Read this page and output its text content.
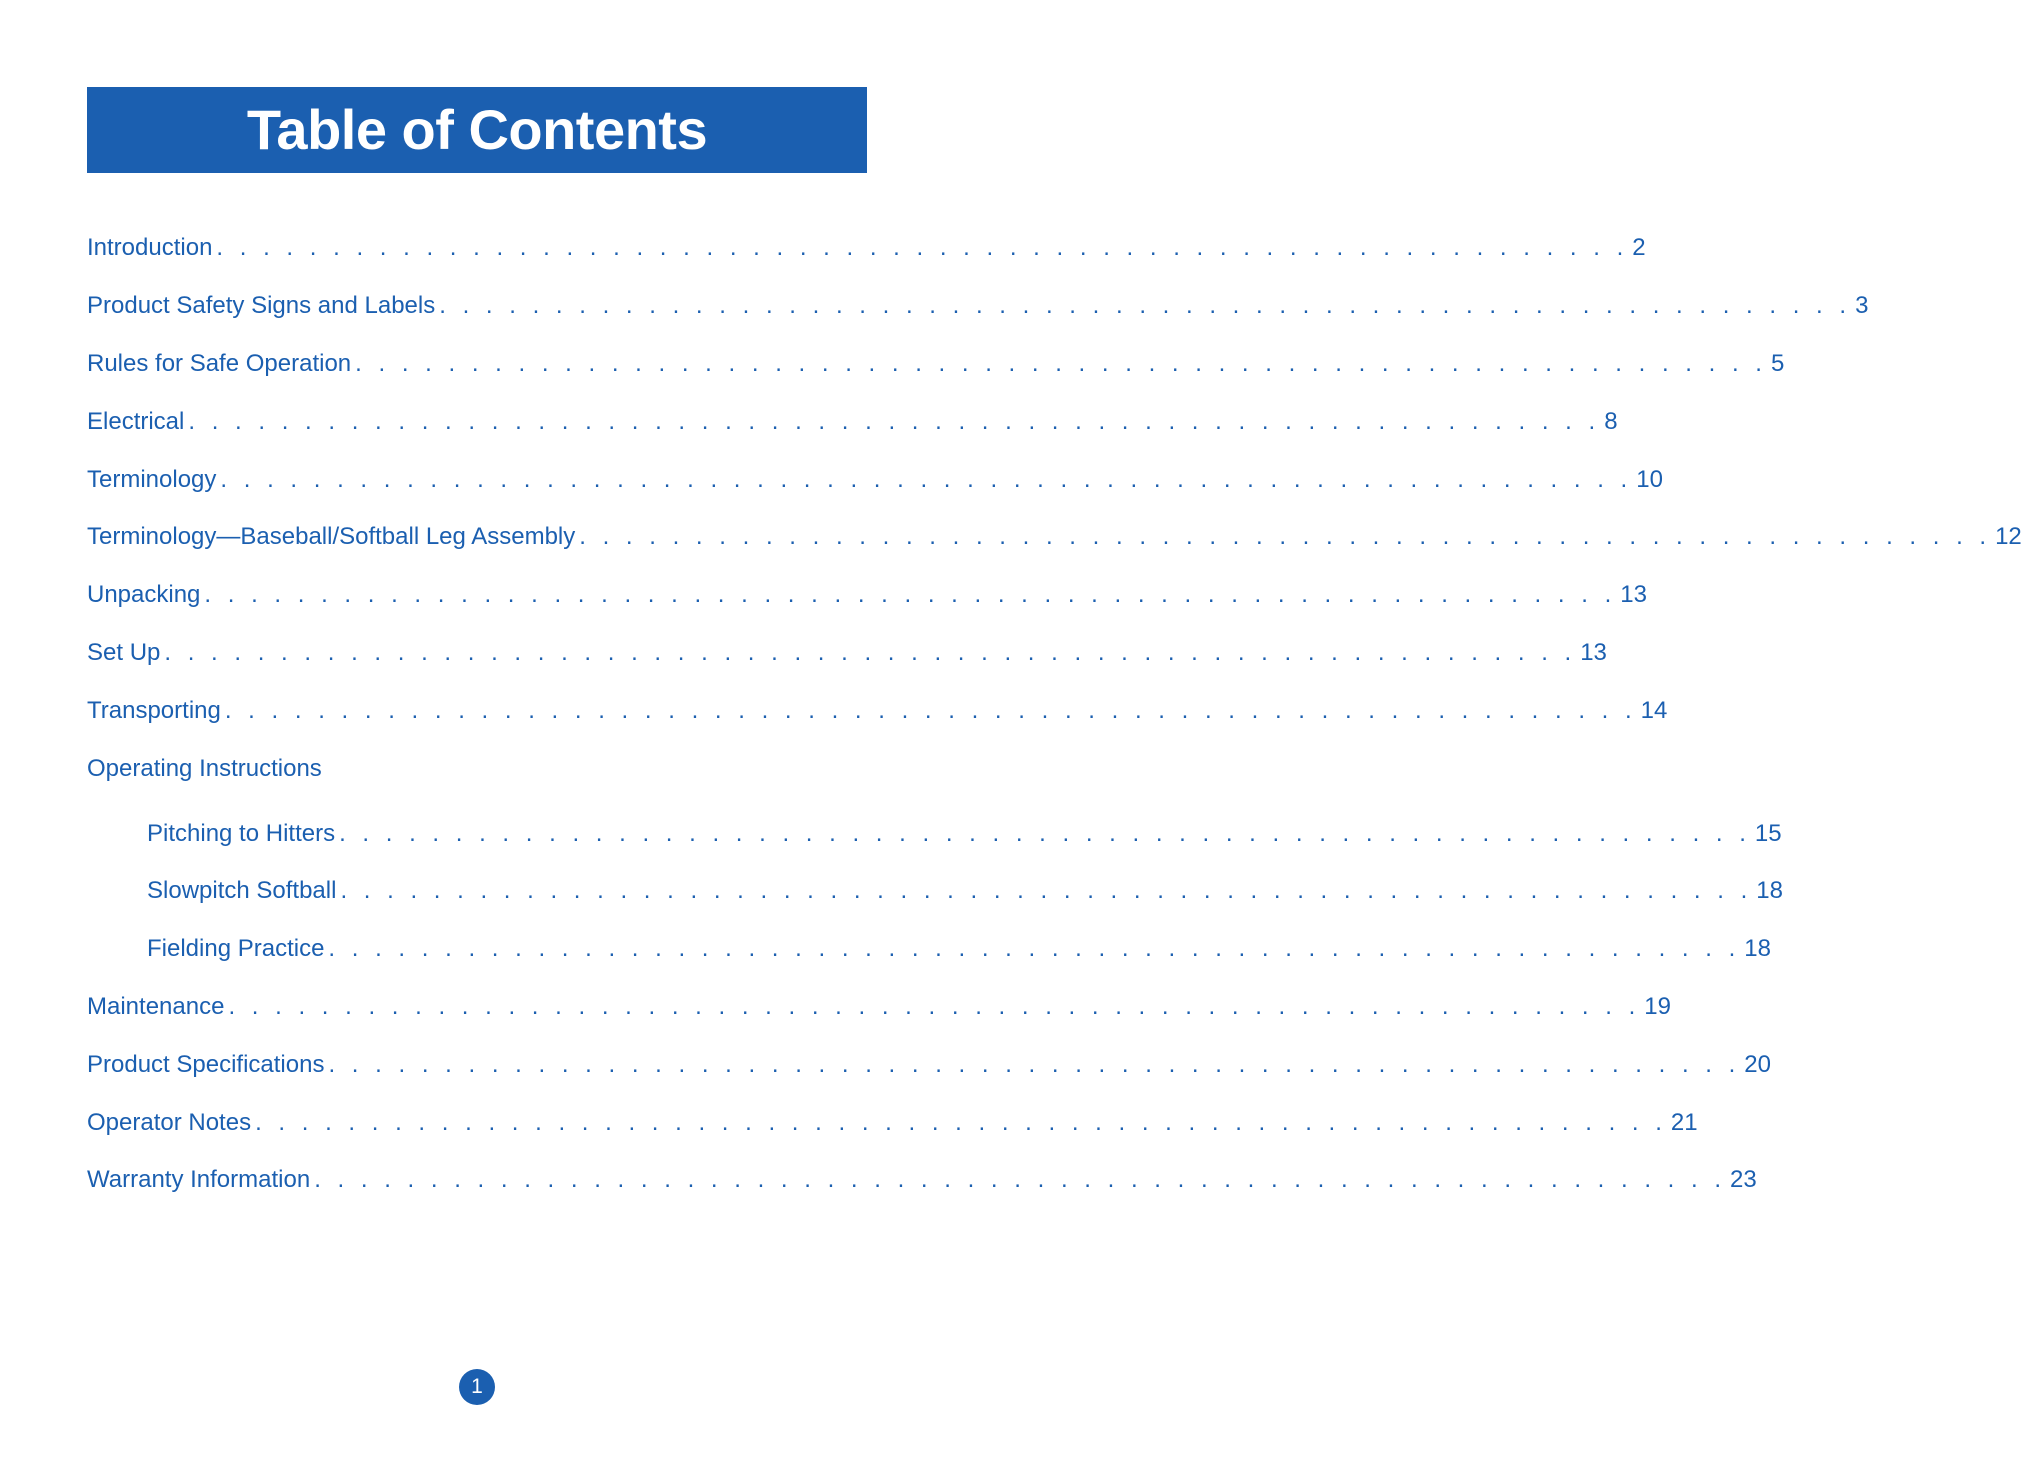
Table of Contents
Introduction . . . . . . . . . . . . . . . . . . . . . . . . . . . . . . . . . . . . . . . . . . . . . . . . . . . . . . . . . . . . . 2
Product Safety Signs and Labels . . . . . . . . . . . . . . . . . . . . . . . . . . . . . . . . . . . . . . . . . . . . . . . . . . . . . . . . . . . . . 3
Rules for Safe Operation . . . . . . . . . . . . . . . . . . . . . . . . . . . . . . . . . . . . . . . . . . . . . . . . . . . . . . . . . . . . . 5
Electrical . . . . . . . . . . . . . . . . . . . . . . . . . . . . . . . . . . . . . . . . . . . . . . . . . . . . . . . . . . . . . 8
Terminology . . . . . . . . . . . . . . . . . . . . . . . . . . . . . . . . . . . . . . . . . . . . . . . . . . . . . . . . . . . . . 10
Terminology—Baseball/Softball Leg Assembly . . . . . . . . . . . . . . . . . . . . . . . . . . . . . . . . . . . . . . . . . . . . . . . . . . . . . . . . . . . . . 12
Unpacking . . . . . . . . . . . . . . . . . . . . . . . . . . . . . . . . . . . . . . . . . . . . . . . . . . . . . . . . . . . . . 13
Set Up . . . . . . . . . . . . . . . . . . . . . . . . . . . . . . . . . . . . . . . . . . . . . . . . . . . . . . . . . . . . . 13
Transporting . . . . . . . . . . . . . . . . . . . . . . . . . . . . . . . . . . . . . . . . . . . . . . . . . . . . . . . . . . . . . 14
Operating Instructions
Pitching to Hitters . . . . . . . . . . . . . . . . . . . . . . . . . . . . . . . . . . . . . . . . . . . . . . . . . . . . . . . . . . . . . 15
Slowpitch Softball . . . . . . . . . . . . . . . . . . . . . . . . . . . . . . . . . . . . . . . . . . . . . . . . . . . . . . . . . . . . . 18
Fielding Practice . . . . . . . . . . . . . . . . . . . . . . . . . . . . . . . . . . . . . . . . . . . . . . . . . . . . . . . . . . . . . 18
Maintenance . . . . . . . . . . . . . . . . . . . . . . . . . . . . . . . . . . . . . . . . . . . . . . . . . . . . . . . . . . . . . 19
Product Specifications . . . . . . . . . . . . . . . . . . . . . . . . . . . . . . . . . . . . . . . . . . . . . . . . . . . . . . . . . . . . . 20
Operator Notes . . . . . . . . . . . . . . . . . . . . . . . . . . . . . . . . . . . . . . . . . . . . . . . . . . . . . . . . . . . . . 21
Warranty Information . . . . . . . . . . . . . . . . . . . . . . . . . . . . . . . . . . . . . . . . . . . . . . . . . . . . . . . . . . . . . 23
1
